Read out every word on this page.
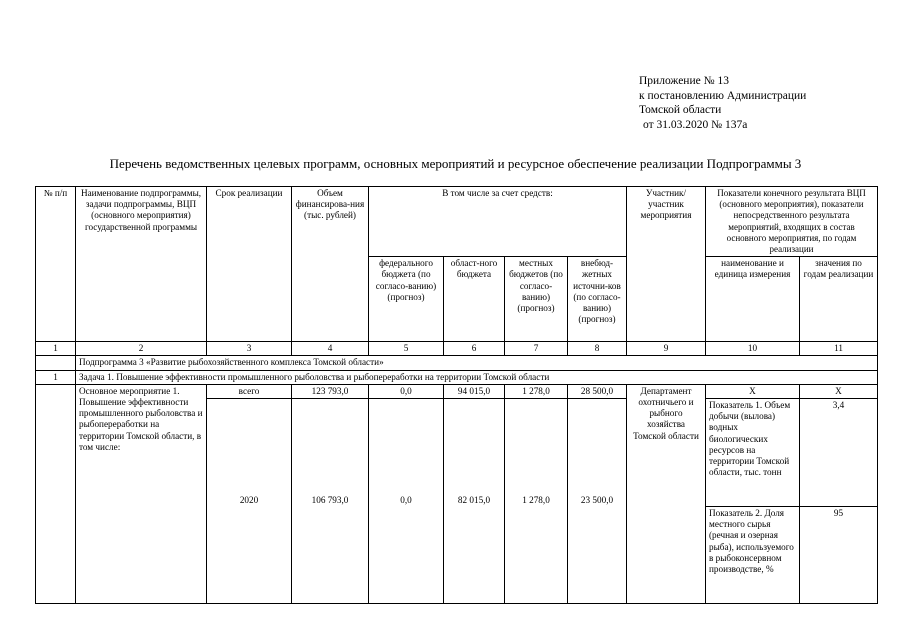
Приложение № 13
к постановлению Администрации
Томской области
от 31.03.2020 № 137а
Перечень ведомственных целевых программ, основных мероприятий и ресурсное обеспечение реализации Подпрограммы 3
№ п/п	Наименование подпрограммы, задачи подпрограммы, ВЦП (основного мероприятия) государственной программы	Срок реализации	Объем финансирова-ния (тыс. рублей)	В том числе за счет средств:				Участник/ участник мероприятия	Показатели конечного результата ВЦП (основного мероприятия), показатели непосредственного результата мероприятий, входящих в состав основного мероприятия, по годам реализации	
				федерального бюджета (по согласо-ванию) (прогноз)	област-ного бюджета	местных бюджетов (по согласо-ванию) (прогноз)	внебюд-жетных источни-ков (по согласо-ванию) (прогноз)		наименование и единица измерения	значения по годам реализации
1	2	3	4	5	6	7	8	9	10	11
	Подпрограмма 3 «Развитие рыбохозяйственного комплекса Томской области»									
1	Задача 1. Повышение эффективности промышленного рыболовства и рыбопереработки на территории Томской области									
	Основное мероприятие 1. Повышение эффективности промышленного рыболовства и рыбопереработки на территории Томской области, в том числе:	всего	123 793,0	0,0	94 015,0	1 278,0	28 500,0	Департамент охотничьего и рыбного хозяйства Томской области	Х	Х
		2020	106 793,0	0,0	82 015,0	1 278,0	23 500,0		Показатель 1. Объем добычи (вылова) водных биологических ресурсов на территории Томской области, тыс. тонн	3,4

									Показатель 2. Доля местного сырья (речная и озерная рыба), используемого в рыбоконсервном производстве, %	95
